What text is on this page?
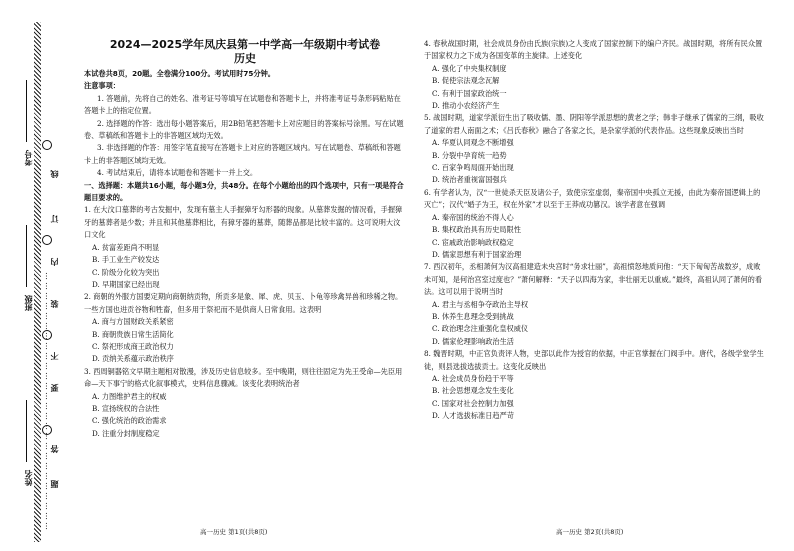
……………………………………………………………………
姓名
班级
考号
线
订
装
内
不
要
答
题
2024—2025学年凤庆县第一中学高一年级期中考试卷
历史
本试卷共8页，20题。全卷满分100分。考试用时75分钟。
注意事项：
1. 答题前，先将自己的姓名、准考证号等填写在试题卷和答题卡上，并将准考证号条形码粘贴在答题卡上的指定位置。
2. 选择题的作答：选出每小题答案后，用2B铅笔把答题卡上对应题目的答案标号涂黑。写在试题卷、草稿纸和答题卡上的非答题区域均无效。
3. 非选择题的作答：用签字笔直接写在答题卡上对应的答题区域内。写在试题卷、草稿纸和答题卡上的非答题区域均无效。
4. 考试结束后，请将本试题卷和答题卡一并上交。
一、选择题：本题共16小题，每小题3分，共48分。在每个小题给出的四个选项中，只有一项是符合题目要求的。
1. 在大汶口墓葬的考古发掘中，发现有墓主人手握獐牙勾形器的现象。从墓葬发掘的情况看，手握獐牙的墓葬者是少数；并且和其他墓葬相比，有獐牙器的墓葬，随葬品都是比较丰富的。这可说明大汶口文化
A. 贫富差距尚不明显
B. 手工业生产较发达
C. 阶级分化较为突出
D. 早期国家已经出现
2. 商朝的外服方国要定期向商朝纳贡物，所贡多是象、犀、虎、贝玉、卜龟等珍禽异兽和珍稀之物。一些方国也进贡谷物和牲畜，但多用于祭祀而不是供商人日常食用。这表明
A. 商与方国财政关系紧密
B. 商朝贵族日常生活简化
C. 祭祀形成商王政治权力
D. 贡纳关系蕴示政治秩序
3. 西周铜器铭文早期主题相对散漫，涉及历史信息较多。至中晚期，则往往固定为先王受命—先臣用命—天下事宁的格式化叙事模式，史料信息骤减。该变化表明统治者
A. 力图维护君主的权威
B. 宣扬统权的合法性
C. 强化统治的政治需求
D. 注重分封制度稳定
高一历史 第1页(共8页)
4. 春秋战国时期，社会成员身份由氏族(宗族)之人变成了国家控制下的编户齐民。战国时期，将所有民众置于国家权力之下成为各国变革的主旋律。上述变化
A. 强化了中央集权制度
B. 促使宗法观念瓦解
C. 有利于国家政治统一
D. 推动小农经济产生
5. 战国时期，道家学派衍生出了吸收儒、墨、阴阳等学派思想的黄老之学；韩非子继承了儒家的三纲，吸收了道家的君人南面之术；《吕氏春秋》融合了各家之长，是杂家学派的代表作品。这些现象反映出当时
A. 华夏认同观念不断增强
B. 分裂中孕育统一趋势
C. 百家争鸣局面开始出现
D. 统治者重视富国强兵
6. 有学者认为，汉“一世徒杀天臣及诸公子，致使宗室虚弱，秦帝国中央孤立无援，由此为秦帝国逻辑上的灭亡”；汉代“婚子为王，权在外家”才以至于王莽成功篡汉。该学者意在强调
A. 秦帝国的统治不得人心
B. 集权政治具有历史局限性
C. 宦戚政治影响政权稳定
D. 儒家思想有利于国家治理
7. 西汉初年，丞相萧何为汉高祖建造未央宫时“务求壮丽”，高祖愤怒地质问他：“天下匈匈苦战数岁，成败未可知，是何治宫室过度也？”萧何解释：“天子以四海为家，非壮丽无以重威。”最终，高祖认同了萧何的看法。这可以用于说明当时
A. 君主与丞相争夺政治主导权
B. 休养生息理念受到挑战
C. 政治理念注重强化皇权威仪
D. 儒家伦理影响政治生活
8. 魏晋时期，中正官负责评人物，史部以此作为授官的依据，中正官掌握在门阀手中。唐代，各级学堂学生徒，则县选拔选拔贡士。这变化反映出
A. 社会成员身份趋于平等
B. 社会思想观念发生变化
C. 国家对社会控制力加强
D. 人才选拔标准日趋严苛
高一历史 第2页(共8页)
